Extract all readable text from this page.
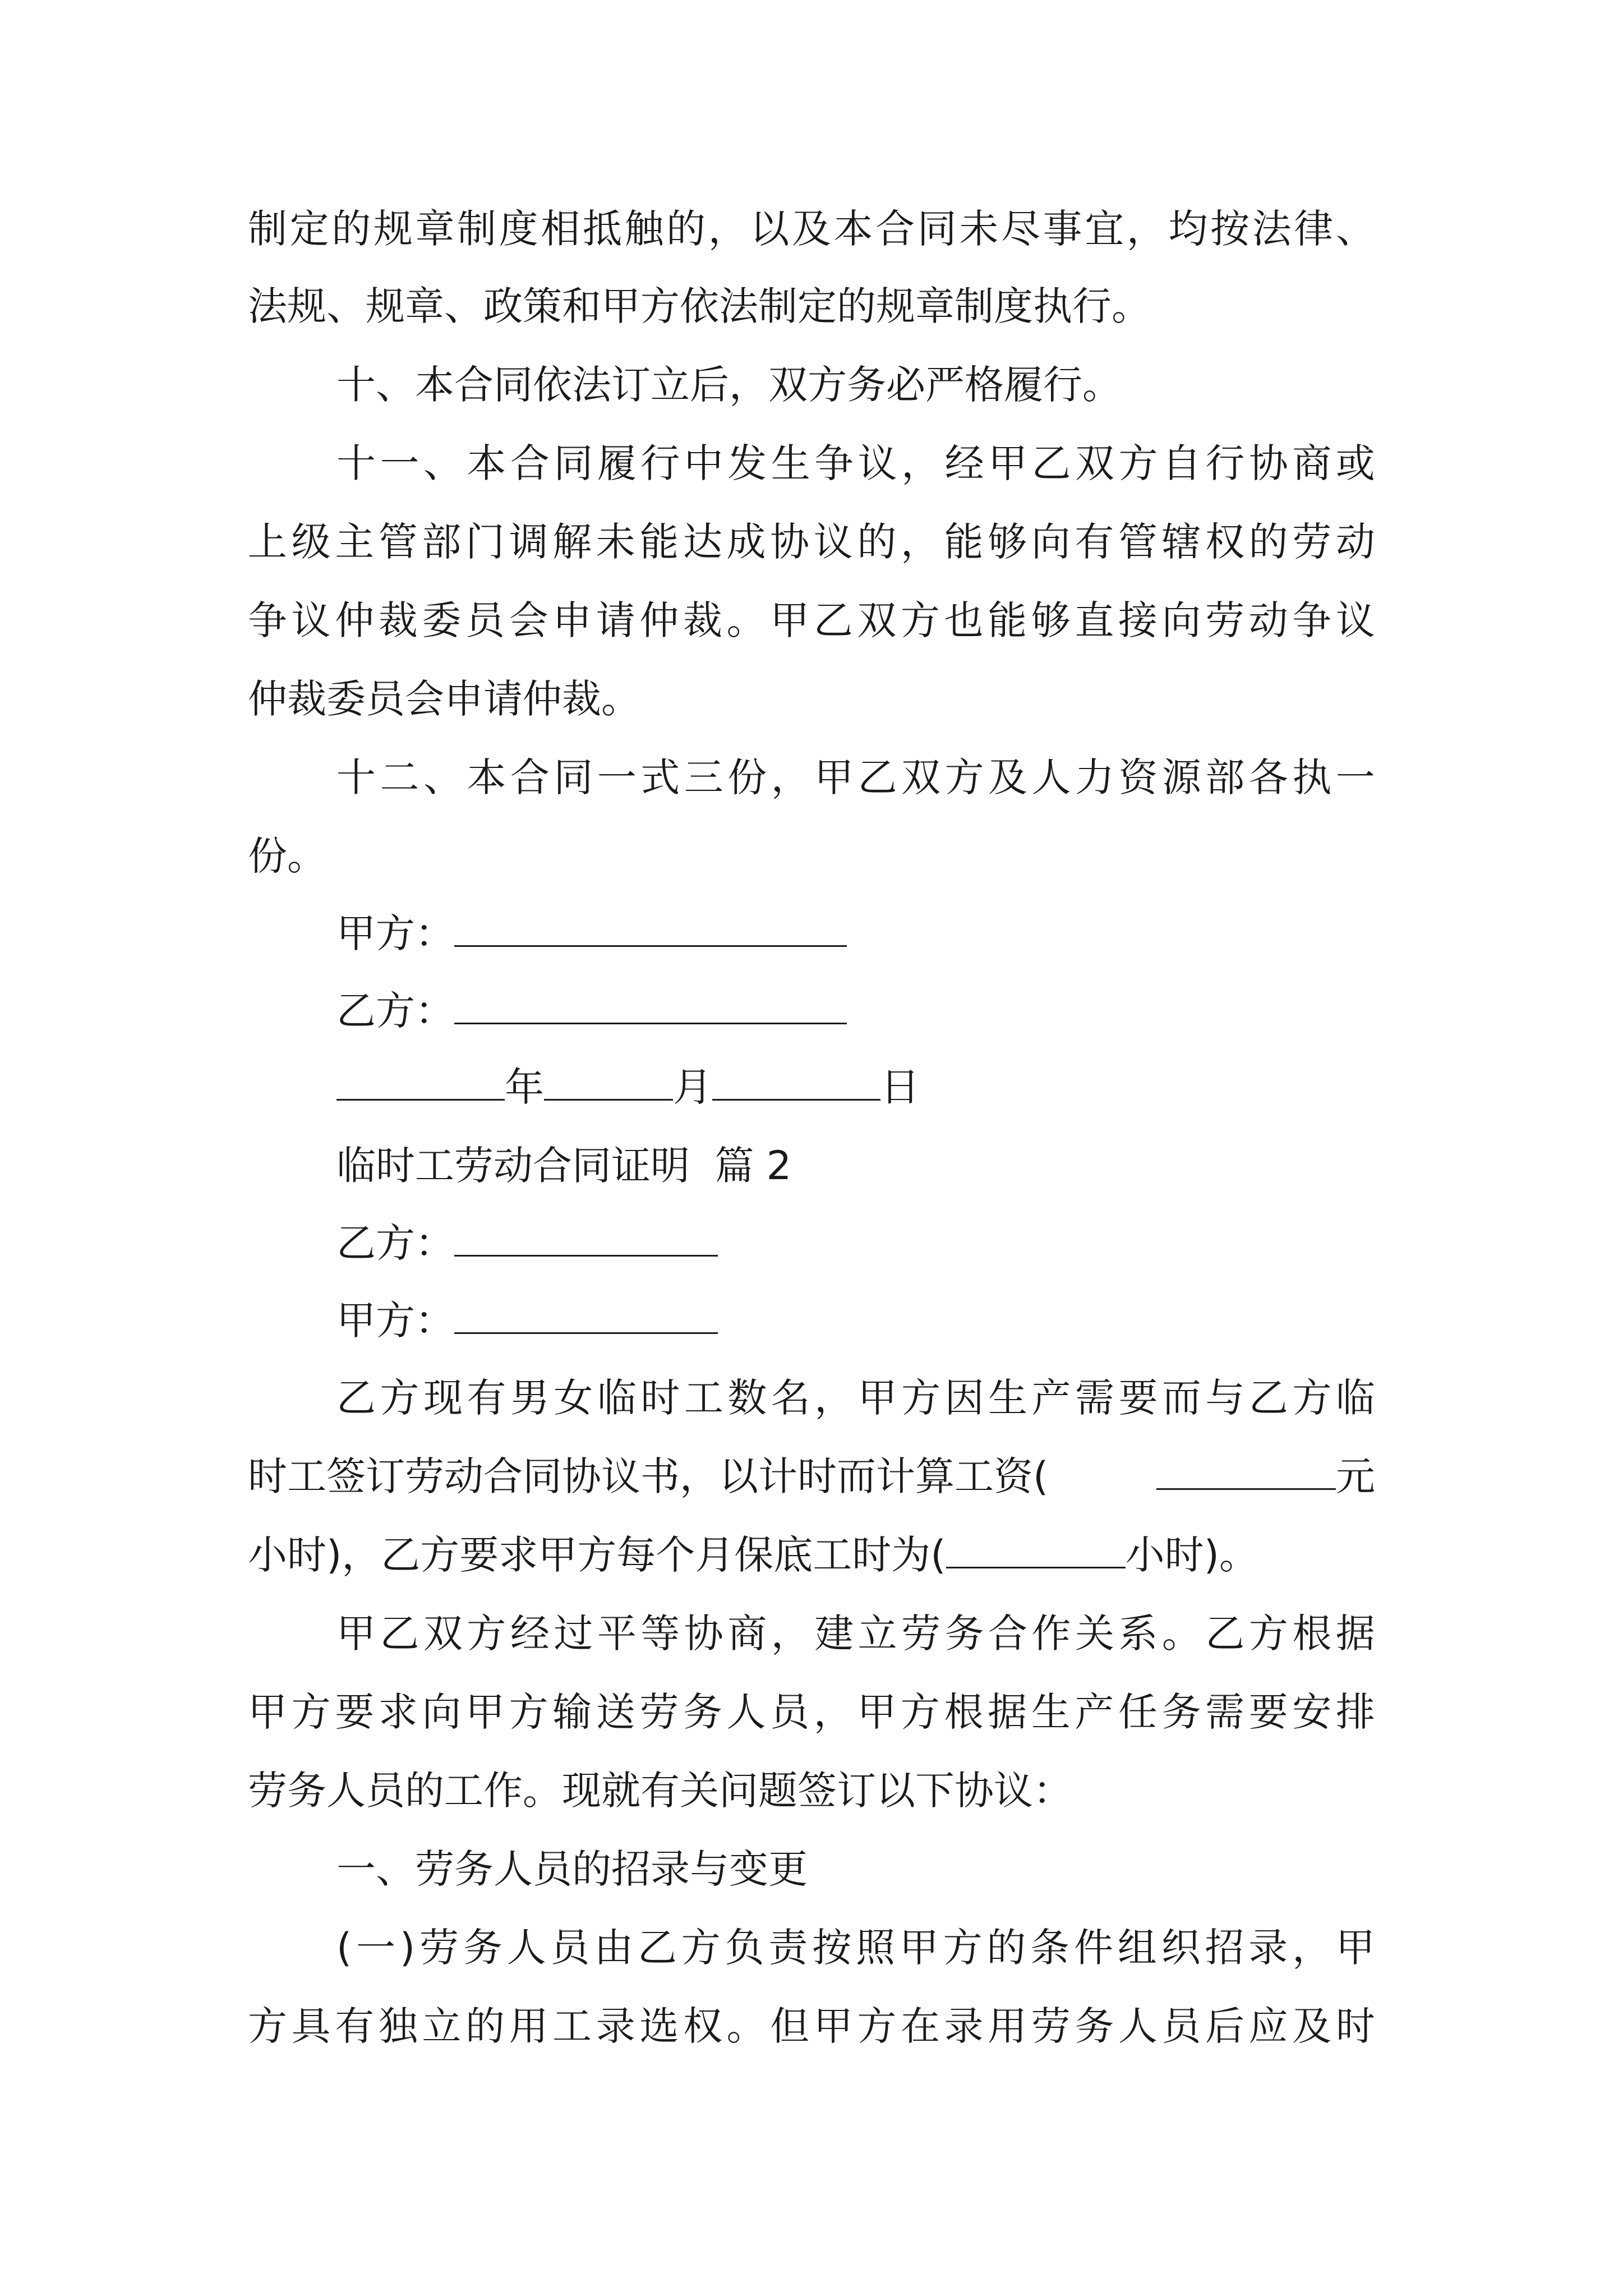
制 定 的 规 章 制 度 相 抵 触 的 ， 以 及 本 合 同 未 尽 事 宜 ， 均 按 法 律 、
法规、规章、政策和甲方依法制定的规章制度执行。
十、本合同依法订立后，双方务必严格履行。
十 一 、 本 合 同 履 行 中 发 生 争 议 ， 经 甲 乙 双 方 自 行 协 商 或
上 级 主 管 部 门 调 解 未 能 达 成 协 议 的 ， 能 够 向 有 管 辖 权 的 劳 动
争 议 仲 裁 委 员 会 申 请 仲 裁 。 甲 乙 双 方 也 能 够 直 接 向 劳 动 争 议
仲裁委员会申请仲裁。
十 二 、 本 合 同 一 式 三 份 ， 甲 乙 双 方 及 人 力 资 源 部 各 执 一
份。
甲方：
乙方：
年	月	日
临时工劳动合同证明  篇 2
乙方：
甲方：
乙 方 现 有 男 女 临 时 工 数 名 ， 甲 方 因 生 产 需 要 而 与 乙 方 临
时工签订劳动合同协议书，以计时而计算工资(	元
小时)，乙方要求甲方每个月保底工时为(	小时)。
甲 乙 双 方 经 过 平 等 协 商 ， 建 立 劳 务 合 作 关 系 。 乙 方 根 据
甲 方 要 求 向 甲 方 输 送 劳 务 人 员 ， 甲 方 根 据 生 产 任 务 需 要 安 排
劳务人员的工作。现就有关问题签订以下协议：
一、劳务人员的招录与变更
( 一 ) 劳 务 人 员 由 乙 方 负 责 按 照 甲 方 的 条 件 组 织 招 录 ， 甲
方 具 有 独 立 的 用 工 录 选 权 。 但 甲 方 在 录 用 劳 务 人 员 后 应 及 时
